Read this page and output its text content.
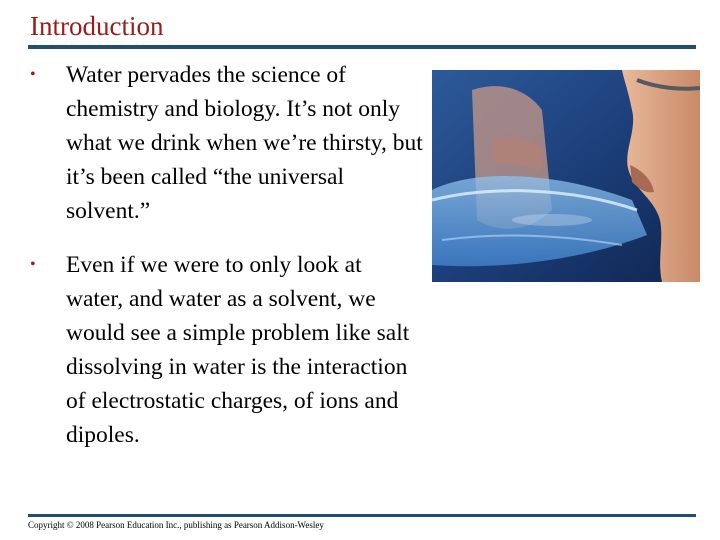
Introduction
• Water pervades the science of chemistry and biology. It’s not only what we drink when we’re thirsty, but it’s been called “the universal solvent.”
• Even if we were to only look at water, and water as a solvent, we would see a simple problem like salt dissolving in water is the interaction of electrostatic charges, of ions and dipoles.
Copyright © 2008 Pearson Education Inc., publishing as Pearson Addison-Wesley
